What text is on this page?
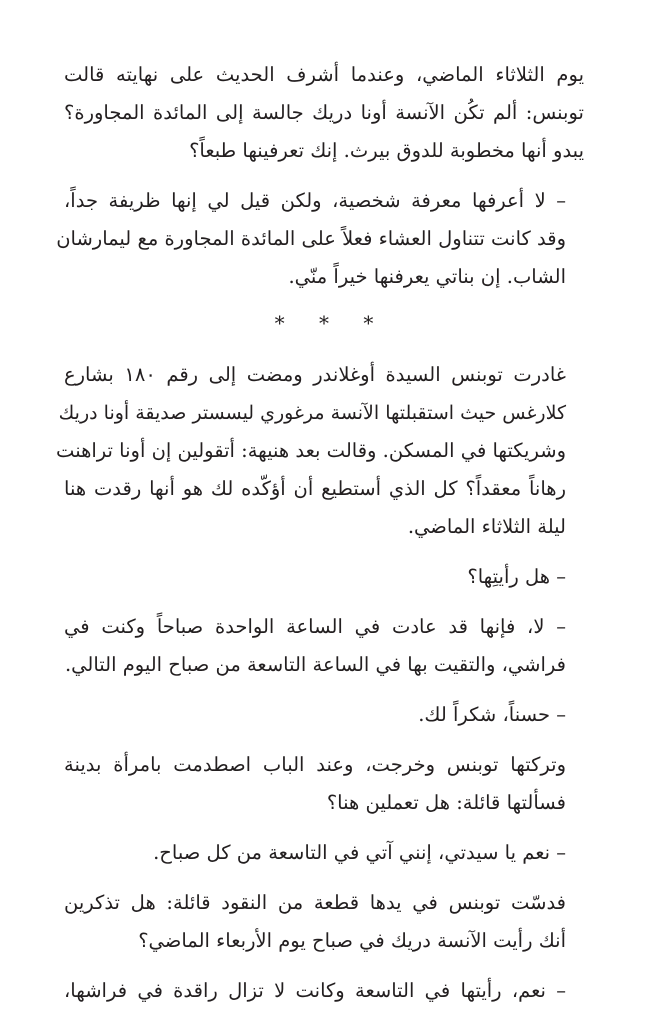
يوم الثلاثاء الماضي، وعندما أشرف الحديث على نهايته قالت
توبنس: ألم تكُن الآنسة أونا دريك جالسة إلى المائدة المجاورة؟
يبدو أنها مخطوبة للدوق بيرث. إنك تعرفينها طبعاً؟

– لا أعرفها معرفة شخصية، ولكن قيل لي إنها ظريفة جداً،
وقد كانت تتناول العشاء فعلاً على المائدة المجاورة مع ليمارشان
الشاب. إن بناتي يعرفنها خيراً منّي.

* * *

غادرت توبنس السيدة أوغلاندر ومضت إلى رقم ١٨٠ بشارع
كلارغس حيث استقبلتها الآنسة مرغوري ليسستر صديقة أونا دريك
وشريكتها في المسكن. وقالت بعد هنيهة: أتقولين إن أونا تراهنت
رهاناً معقداً؟ كل الذي أستطيع أن أؤكّده لك هو أنها رقدت هنا
ليلة الثلاثاء الماضي.

– هل رأيتِها؟

– لا، فإنها قد عادت في الساعة الواحدة صباحاً وكنت في
فراشي، والتقيت بها في الساعة التاسعة من صباح اليوم التالي.

– حسناً، شكراً لك.

وتركتها توبنس وخرجت، وعند الباب اصطدمت بامرأة بدينة
فسألتها قائلة: هل تعملين هنا؟

– نعم يا سيدتي، إنني آتي في التاسعة من كل صباح.

فدسّت توبنس في يدها قطعة من النقود قائلة: هل تذكرين
أنك رأيت الآنسة دريك في صباح يوم الأربعاء الماضي؟

– نعم، رأيتها في التاسعة وكانت لا تزال راقدة في فراشها،
